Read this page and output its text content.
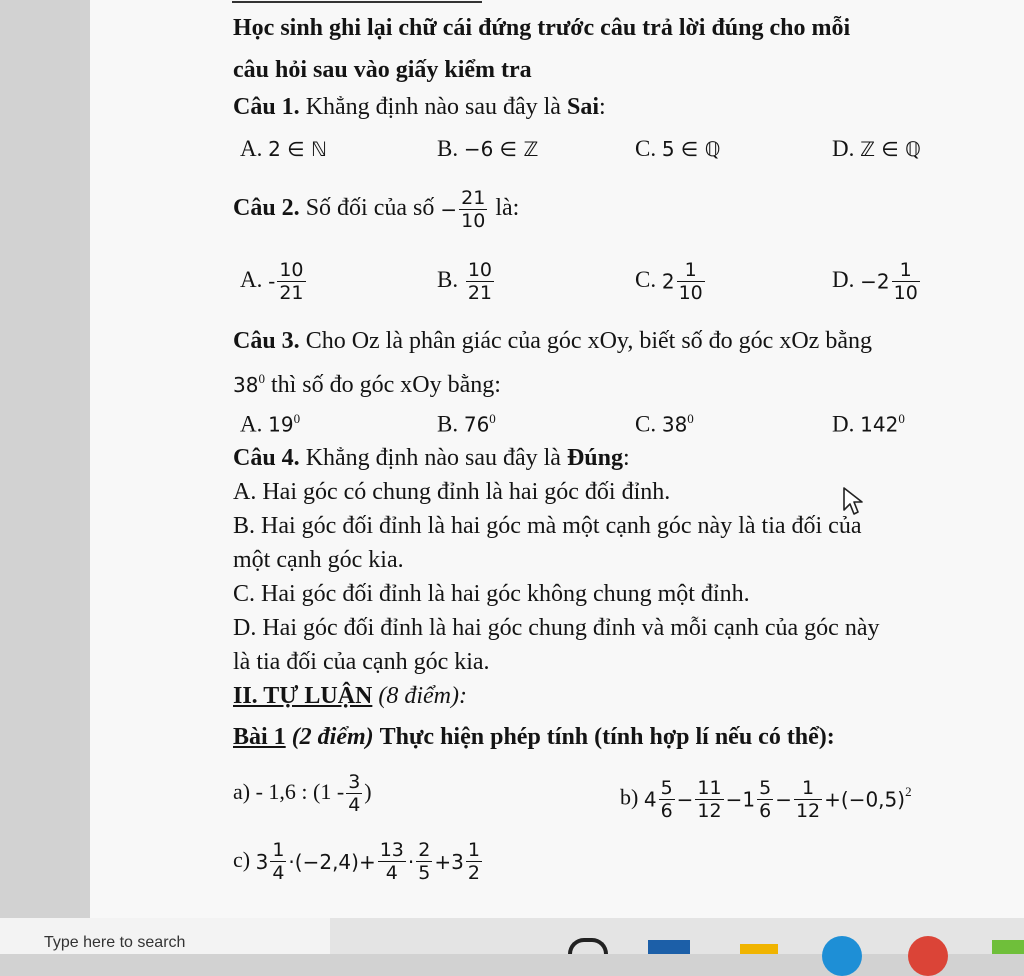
Học sinh ghi lại chữ cái đứng trước câu trả lời đúng cho mỗi
câu hỏi sau vào giấy kiểm tra
Câu 1. Khẳng định nào sau đây là Sai:
A. 2 ∈ ℕ	B. −6 ∈ ℤ	C. 5 ∈ ℚ	D. ℤ ∈ ℚ
Câu 2. Số đối của số − $\frac{21}{10}$ là:
A. - $\frac{10}{21}$	B. $\frac{10}{21}$	C. $2 \frac{1}{10}$	D. $-2 \frac{1}{10}$
Câu 3. Cho Oz là phân giác của góc xOy, biết số đo góc xOz bằng
$38^0$ thì số đo góc xOy bằng:
A. $19^0$	B. $76^0$	C. $38^0$	D. $142^0$
Câu 4. Khẳng định nào sau đây là Đúng:
A. Hai góc có chung đỉnh là hai góc đối đỉnh.
B. Hai góc đối đỉnh là hai góc mà một cạnh góc này là tia đối của
một cạnh góc kia.
C. Hai góc đối đỉnh là hai góc không chung một đỉnh.
D. Hai góc đối đỉnh là hai góc chung đỉnh và mỗi cạnh của góc này
là tia đối của cạnh góc kia.
II. TỰ LUẬN (8 điểm):
Bài 1 (2 điểm) Thực hiện phép tính (tính hợp lí nếu có thể):
a) - 1,6 : ($1 - \frac{3}{4}$ )	b) $4 \frac{5}{6} - \frac{11}{12} -1 \frac{5}{6} - \frac{1}{12} +(-0,5)^2$
c) $3 \frac{1}{4} \cdot(-2,4)+ \frac{13}{4} \cdot \frac{2}{5} +3 \frac{1}{2}$
Type here to search
